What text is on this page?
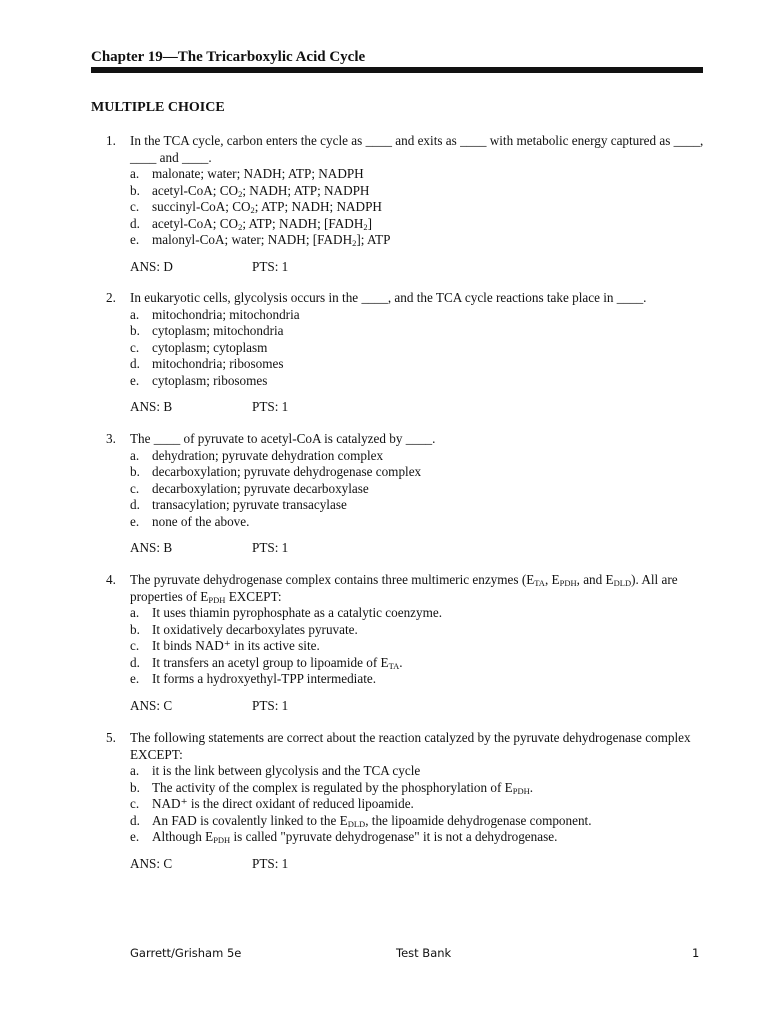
Chapter 19—The Tricarboxylic Acid Cycle
MULTIPLE CHOICE
1. In the TCA cycle, carbon enters the cycle as ____ and exits as ____ with metabolic energy captured as ____, ____ and ____.
a. malonate; water; NADH; ATP; NADPH
b. acetyl-CoA; $CO_2$; NADH; ATP; NADPH
c. succinyl-CoA; $CO_2$; ATP; NADH; NADPH
d. acetyl-CoA; $CO_2$; ATP; NADH; $[FADH_2]$
e. malonyl-CoA; water; NADH; $[FADH_2]$; ATP
ANS: D	PTS: 1
2. In eukaryotic cells, glycolysis occurs in the ____, and the TCA cycle reactions take place in ____.
a. mitochondria; mitochondria
b. cytoplasm; mitochondria
c. cytoplasm; cytoplasm
d. mitochondria; ribosomes
e. cytoplasm; ribosomes
ANS: B	PTS: 1
3. The ____ of pyruvate to acetyl-CoA is catalyzed by ____.
a. dehydration; pyruvate dehydration complex
b. decarboxylation; pyruvate dehydrogenase complex
c. decarboxylation; pyruvate decarboxylase
d. transacylation; pyruvate transacylase
e. none of the above.
ANS: B	PTS: 1
4. The pyruvate dehydrogenase complex contains three multimeric enzymes ($E_{TA}$, $E_{PDH}$, and $E_{DLD}$). All are properties of $E_{PDH}$ EXCEPT:
a. It uses thiamin pyrophosphate as a catalytic coenzyme.
b. It oxidatively decarboxylates pyruvate.
c. It binds NAD⁺ in its active site.
d. It transfers an acetyl group to lipoamide of $E_{TA}$.
e. It forms a hydroxyethyl-TPP intermediate.
ANS: C	PTS: 1
5. The following statements are correct about the reaction catalyzed by the pyruvate dehydrogenase complex EXCEPT:
a. it is the link between glycolysis and the TCA cycle
b. The activity of the complex is regulated by the phosphorylation of $E_{PDH}$.
c. NAD⁺ is the direct oxidant of reduced lipoamide.
d. An FAD is covalently linked to the $E_{DLD}$, the lipoamide dehydrogenase component.
e. Although $E_{PDH}$ is called "pyruvate dehydrogenase" it is not a dehydrogenase.
ANS: C	PTS: 1
Garrett/Grisham 5e	Test Bank	1
